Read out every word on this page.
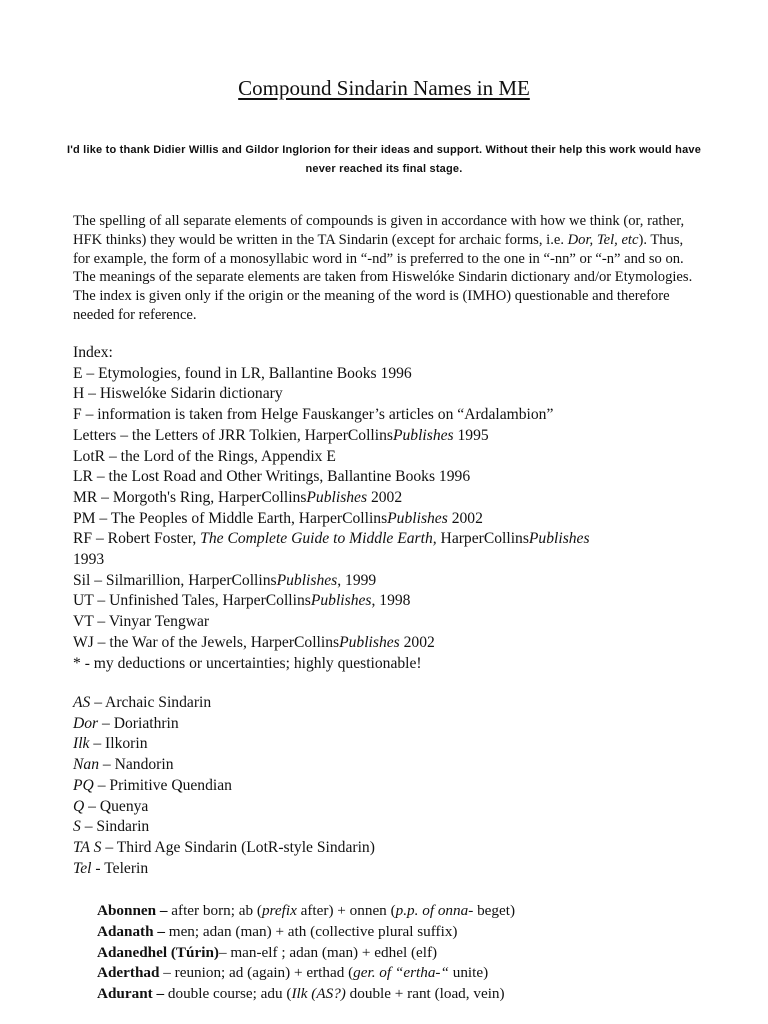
Compound Sindarin Names in ME
I'd like to thank Didier Willis and Gildor Inglorion for their ideas and support. Without their help this work would have never reached its final stage.
The spelling of all separate elements of compounds is given in accordance with how we think (or, rather, HFK thinks) they would be written in the TA Sindarin (except for archaic forms, i.e. Dor, Tel, etc). Thus, for example, the form of a monosyllabic word in “-nd” is preferred to the one in “-nn” or “-n” and so on. The meanings of the separate elements are taken from Hiswelóke Sindarin dictionary and/or Etymologies. The index is given only if the origin or the meaning of the word is (IMHO) questionable and therefore needed for reference.
Index:
E – Etymologies, found in LR, Ballantine Books 1996
H – Hiswelóke Sidarin dictionary
F – information is taken from Helge Fauskanger’s articles on “Ardalambion”
Letters – the Letters of JRR Tolkien, HarperCollinsPublishes 1995
LotR – the Lord of the Rings, Appendix E
LR – the Lost Road and Other Writings, Ballantine Books 1996
MR – Morgoth's Ring, HarperCollinsPublishes 2002
PM – The Peoples of Middle Earth, HarperCollinsPublishes 2002
RF – Robert Foster, The Complete Guide to Middle Earth, HarperCollinsPublishes
1993
Sil – Silmarillion, HarperCollinsPublishes, 1999
UT – Unfinished Tales, HarperCollinsPublishes, 1998
VT – Vinyar Tengwar
WJ – the War of the Jewels, HarperCollinsPublishes 2002
* - my deductions or uncertainties; highly questionable!
AS – Archaic Sindarin
Dor – Doriathrin
Ilk – Ilkorin
Nan – Nandorin
PQ – Primitive Quendian
Q – Quenya
S – Sindarin
TA S – Third Age Sindarin (LotR-style Sindarin)
Tel - Telerin
Abonnen – after born; ab (prefix after) + onnen (p.p. of onna- beget)
Adanath – men; adan (man) + ath (collective plural suffix)
Adanedhel (Túrin)– man-elf ; adan (man) + edhel (elf)
Aderthad – reunion; ad (again) + erthad (ger. of “ertha-“ unite)
Adurant – double course; adu (Ilk (AS?) double + rant (load, vein)
